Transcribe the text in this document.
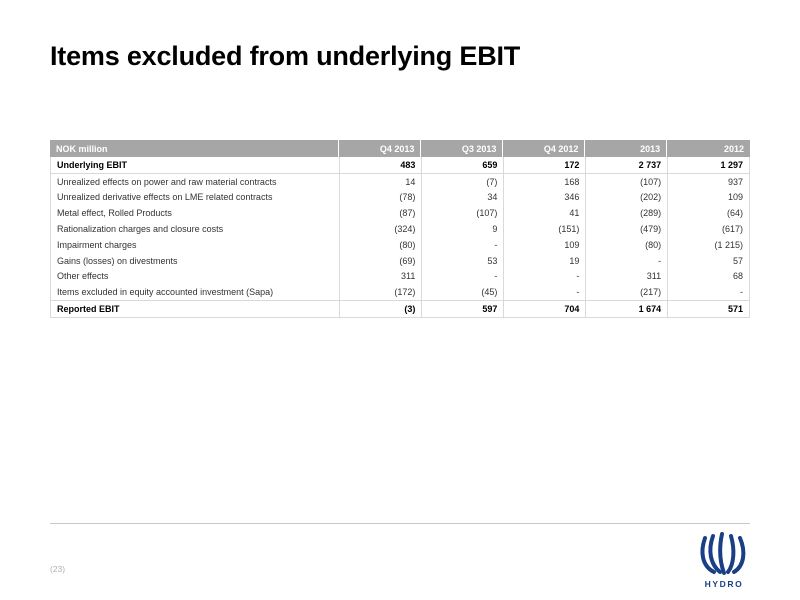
Items excluded from underlying EBIT
NOK million	Q4 2013	Q3 2013	Q4 2012	2013	2012
Underlying EBIT	483	659	172	2 737	1 297
Unrealized effects on power and raw material contracts	14	(7)	168	(107)	937
Unrealized derivative effects on LME related contracts	(78)	34	346	(202)	109
Metal effect, Rolled Products	(87)	(107)	41	(289)	(64)
Rationalization charges and closure costs	(324)	9	(151)	(479)	(617)
Impairment charges	(80)	-	109	(80)	(1 215)
Gains (losses) on divestments	(69)	53	19	-	57
Other effects	311	-	-	311	68
Items excluded in equity accounted investment (Sapa)	(172)	(45)	-	(217)	-
Reported EBIT	(3)	597	704	1 674	571
(23)
HYDRO
